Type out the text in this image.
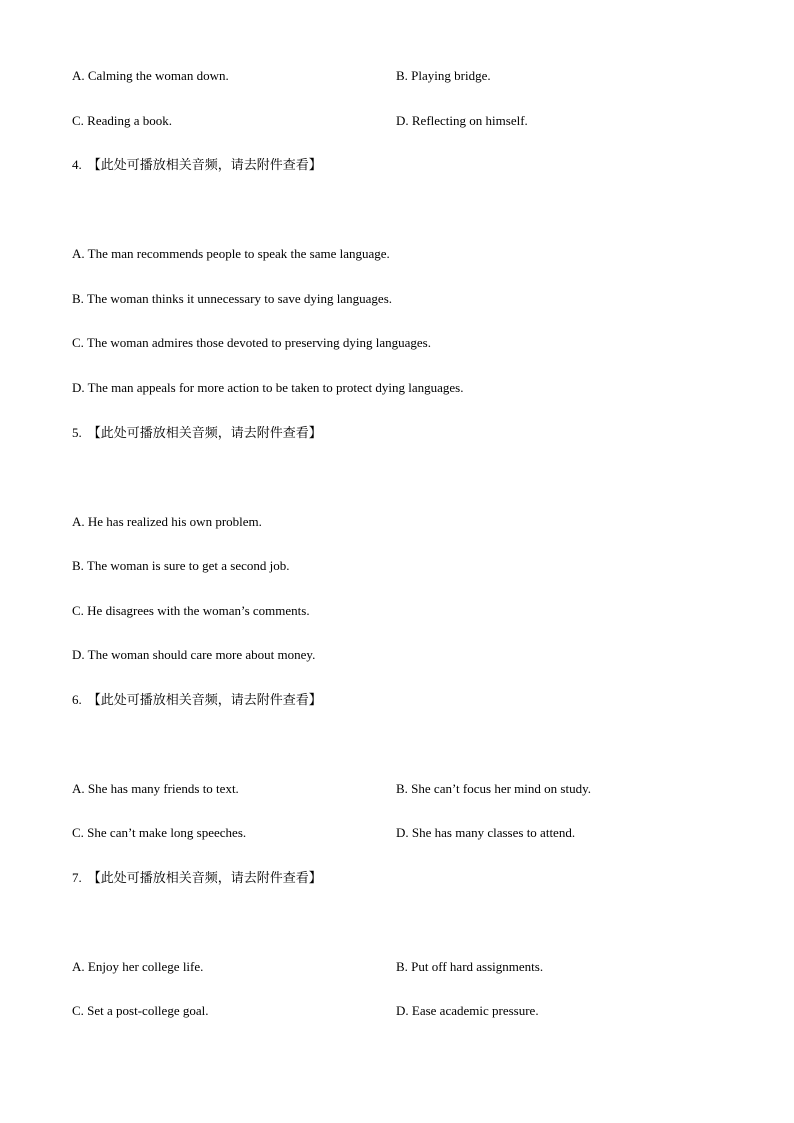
A. Calming the woman down.	B. Playing bridge.
C. Reading a book.	D. Reflecting on himself.
4. 【此处可播放相关音频，请去附件查看】
A. The man recommends people to speak the same language.
B. The woman thinks it unnecessary to save dying languages.
C. The woman admires those devoted to preserving dying languages.
D. The man appeals for more action to be taken to protect dying languages.
5. 【此处可播放相关音频，请去附件查看】
A. He has realized his own problem.
B. The woman is sure to get a second job.
C. He disagrees with the woman’s comments.
D. The woman should care more about money.
6. 【此处可播放相关音频，请去附件查看】
A. She has many friends to text.	B. She can’t focus her mind on study.
C. She can’t make long speeches.	D. She has many classes to attend.
7. 【此处可播放相关音频，请去附件查看】
A. Enjoy her college life.	B. Put off hard assignments.
C. Set a post-college goal.	D. Ease academic pressure.
